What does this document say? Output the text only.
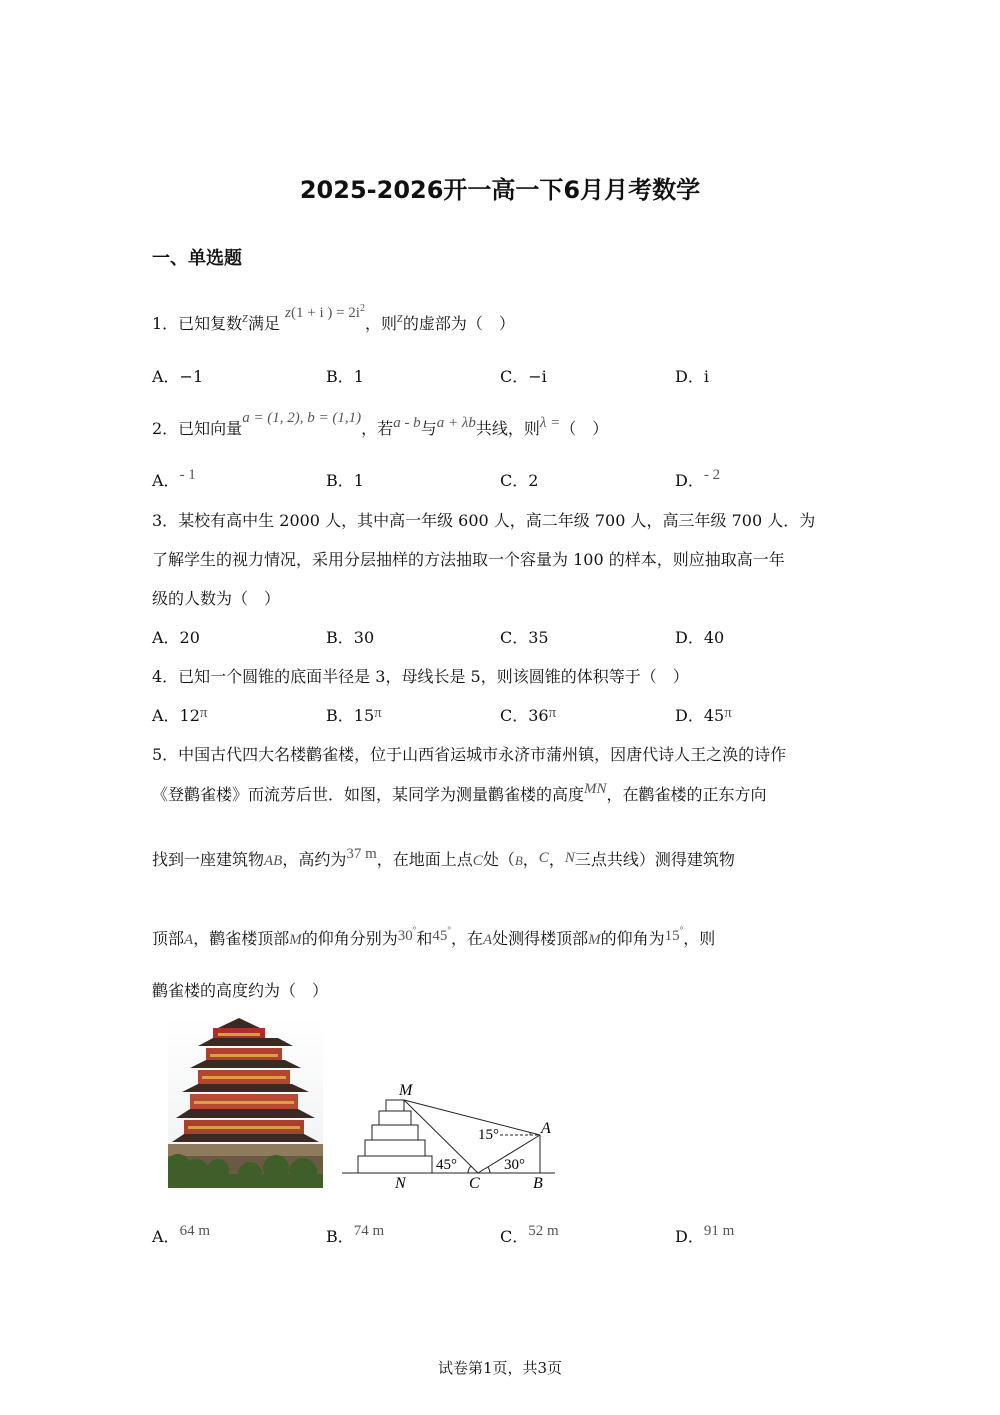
2025-2026开一高一下6月月考数学
一、单选题
1．已知复数z满足 z(1 + i ) = $2i^2$，则z的虚部为（　）
A．−1	B．1	C．−i	D．i
2．已知向量a = (1, 2), b = (1,1)，若a - b与a + λb共线，则λ =（　）
A．- 1	B．1	C．2	D．- 2
3．某校有高中生 2000 人，其中高一年级 600 人，高二年级 700 人，高三年级 700 人．为
了解学生的视力情况，采用分层抽样的方法抽取一个容量为 100 的样本，则应抽取高一年
级的人数为（　）
A．20	B．30	C．35	D．40
4．已知一个圆锥的底面半径是 3，母线长是 5，则该圆锥的体积等于（　）
A．12π	B．15π	C．36π	D．45π
5．中国古代四大名楼鹳雀楼，位于山西省运城市永济市蒲州镇，因唐代诗人王之涣的诗作
《登鹳雀楼》而流芳后世．如图，某同学为测量鹳雀楼的高度MN，在鹳雀楼的正东方向
找到一座建筑物AB，高约为37 m，在地面上点C处（B，C，N三点共线）测得建筑物
顶部A，鹳雀楼顶部M的仰角分别为30°和45°，在A处测得楼顶部M的仰角为15°，则
鹳雀楼的高度约为（　）
M
A
N	C	B
15°
45°	30°
A．64 m	B．74 m	C．52 m	D．91 m
试卷第1页，共3页
